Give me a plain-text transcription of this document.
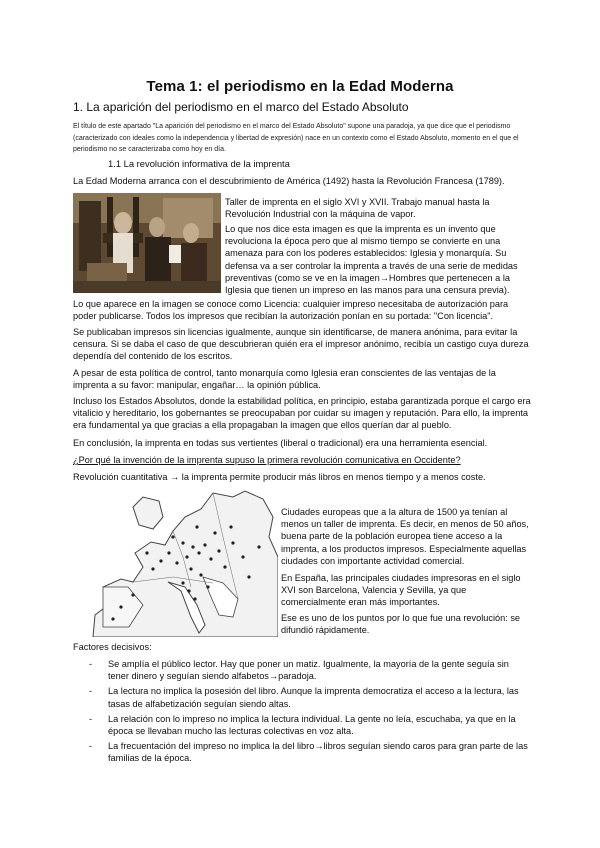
Tema 1: el periodismo en la Edad Moderna
1. La aparición del periodismo en el marco del Estado Absoluto
El título de este apartado "La aparición del periodismo en el marco del Estado Absoluto" supone una paradoja, ya que dice que el periodismo (caracterizado con ideales como la independencia y libertad de expresión) nace en un contexto como el Estado Absoluto, momento en el que el periodismo no se caracterizaba como hoy en día.
1.1 La revolución informativa de la imprenta
La Edad Moderna arranca con el descubrimiento de América (1492) hasta la Revolución Francesa (1789).
Taller de imprenta en el siglo XVI y XVII. Trabajo manual hasta la Revolución Industrial con la máquina de vapor.
Lo que nos dice esta imagen es que la imprenta es un invento que revoluciona la época pero que al mismo tiempo se convierte en una amenaza para con los poderes establecidos: Iglesia y monarquía. Su defensa va a ser controlar la imprenta a través de una serie de medidas preventivas (como se ve en la imagen→Hombres que pertenecen a la Iglesia que tienen un impreso en las manos para una censura previa).
Lo que aparece en la imagen se conoce como Licencia: cualquier impreso necesitaba de autorización para poder publicarse. Todos los impresos que recibían la autorización ponían en su portada: "Con licencia".
Se publicaban impresos sin licencias igualmente, aunque sin identificarse, de manera anónima, para evitar la censura. Si se daba el caso de que descubrieran quién era el impresor anónimo, recibía un castigo cuya dureza dependía del contenido de los escritos.
A pesar de esta política de control, tanto monarquía como Iglesia eran conscientes de las ventajas de la imprenta a su favor: manipular, engañar… la opinión pública.
Incluso los Estados Absolutos, donde la estabilidad política, en principio, estaba garantizada porque el cargo era vitalicio y hereditario, los gobernantes se preocupaban por cuidar su imagen y reputación. Para ello, la imprenta era fundamental ya que gracias a ella propagaban la imagen que ellos querían dar al pueblo.
En conclusión, la imprenta en todas sus vertientes (liberal o tradicional) era una herramienta esencial.
¿Por qué la invención de la imprenta supuso la primera revolución comunicativa en Occidente?
Revolución cuantitativa → la imprenta permite producir más libros en menos tiempo y a menos coste.
Ciudades europeas que a la altura de 1500 ya tenían al menos un taller de imprenta. Es decir, en menos de 50 años, buena parte de la población europea tiene acceso a la imprenta, a los productos impresos. Especialmente aquellas ciudades con importante actividad comercial.
En España, las principales ciudades impresoras en el siglo XVI son Barcelona, Valencia y Sevilla, ya que comercialmente eran más importantes.
Ese es uno de los puntos por lo que fue una revolución: se difundió rápidamente.
Factores decisivos:
- Se amplía el público lector. Hay que poner un matiz. Igualmente, la mayoría de la gente seguía sin tener dinero y seguían siendo alfabetos→paradoja.
- La lectura no implica la posesión del libro. Aunque la imprenta democratiza el acceso a la lectura, las tasas de alfabetización seguían siendo altas.
- La relación con lo impreso no implica la lectura individual. La gente no leía, escuchaba, ya que en la época se llevaban mucho las lecturas colectivas en voz alta.
- La frecuentación del impreso no implica la del libro→libros seguían siendo caros para gran parte de las familias de la época.
